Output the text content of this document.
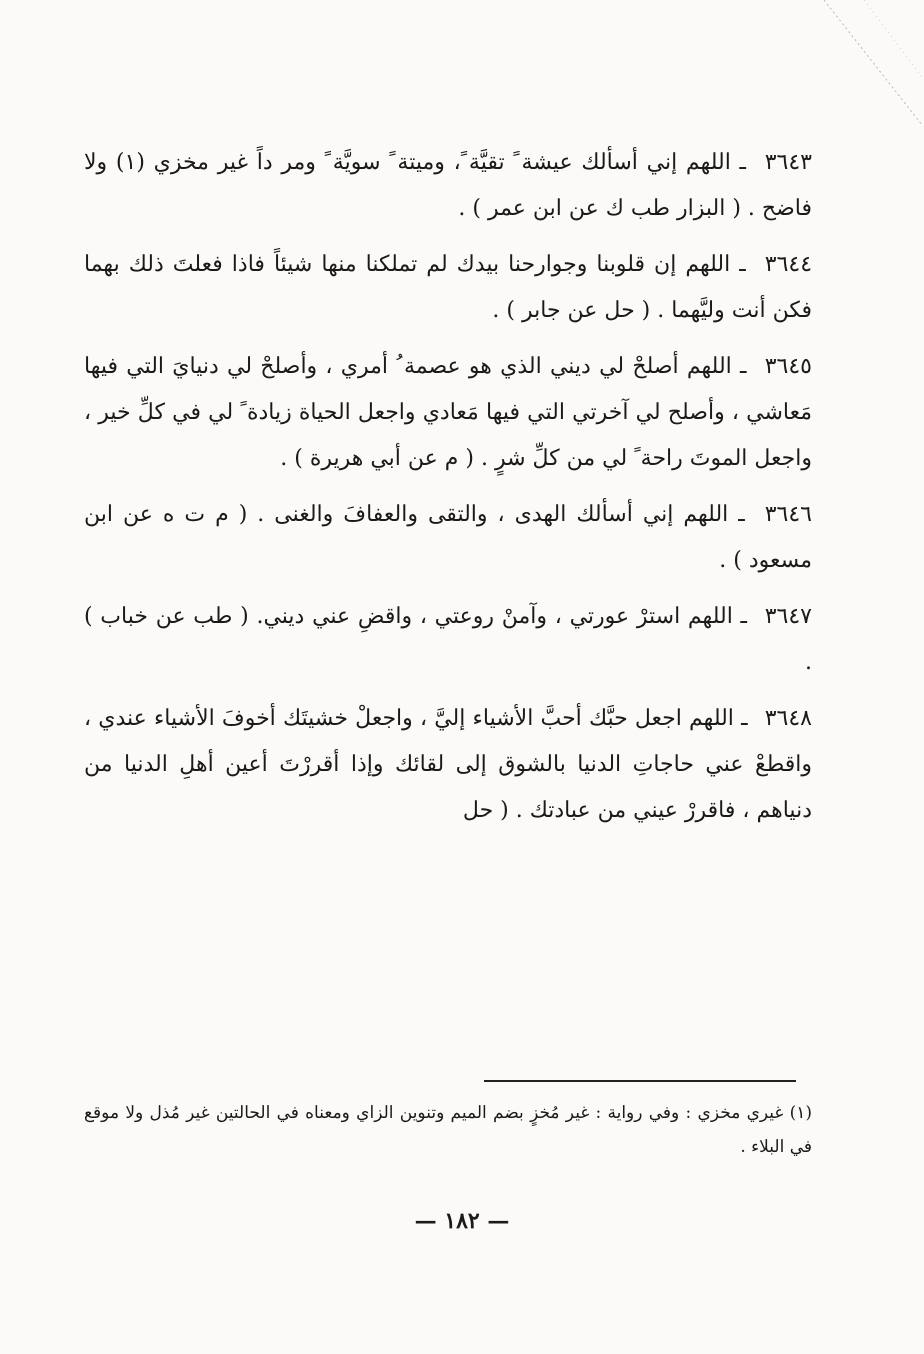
٣٦٤٣ ـ اللهم إني أسألك عيشة ً تقيَّة ً، وميتة ً سويَّة ً ومر داً غير مخزي (١) ولا فاضح . ( البزار طب ك عن ابن عمر ) .

٣٦٤٤ ـ اللهم إن قلوبنا وجوارحنا بيدك لم تملكنا منها شيئاً فاذا فعلتَ ذلك بهما فكن أنت وليَّهما . ( حل عن جابر ) .

٣٦٤٥ ـ اللهم أصلحْ لي ديني الذي هو عصمة ُ أمري ، وأصلحْ لي دنيايَ التي فيها مَعاشي ، وأصلح لي آخرتي التي فيها مَعادي واجعل الحياة زيادة ً لي في كلِّ خير ، واجعل الموتَ راحة ً لي من كلِّ شرٍ . ( م عن أبي هريرة ) .

٣٦٤٦ ـ اللهم إني أسألك الهدى ، والتقى والعفافَ والغنى . ( م ت ه عن ابن مسعود ) .

٣٦٤٧ ـ اللهم استرْ عورتي ، وآمنْ روعتي ، واقضِ عني ديني. ( طب عن خباب ) .

٣٦٤٨ ـ اللهم اجعل حبَّك أحبَّ الأشياء إليَّ ، واجعلْ خشيتَك أخوفَ الأشياء عندي ، واقطعْ عني حاجاتِ الدنيا بالشوق إلى لقائك وإذا أقررْتَ أعين أهلِ الدنيا من دنياهم ، فاقررْ عيني من عبادتك . ( حل

(١) غيري مخزي : وفي رواية : غير مُخزٍ بضم الميم وتنوين الزاي ومعناه في الحالتين غير مُذل ولا موقع في البلاء .
— ١٨٢ —
